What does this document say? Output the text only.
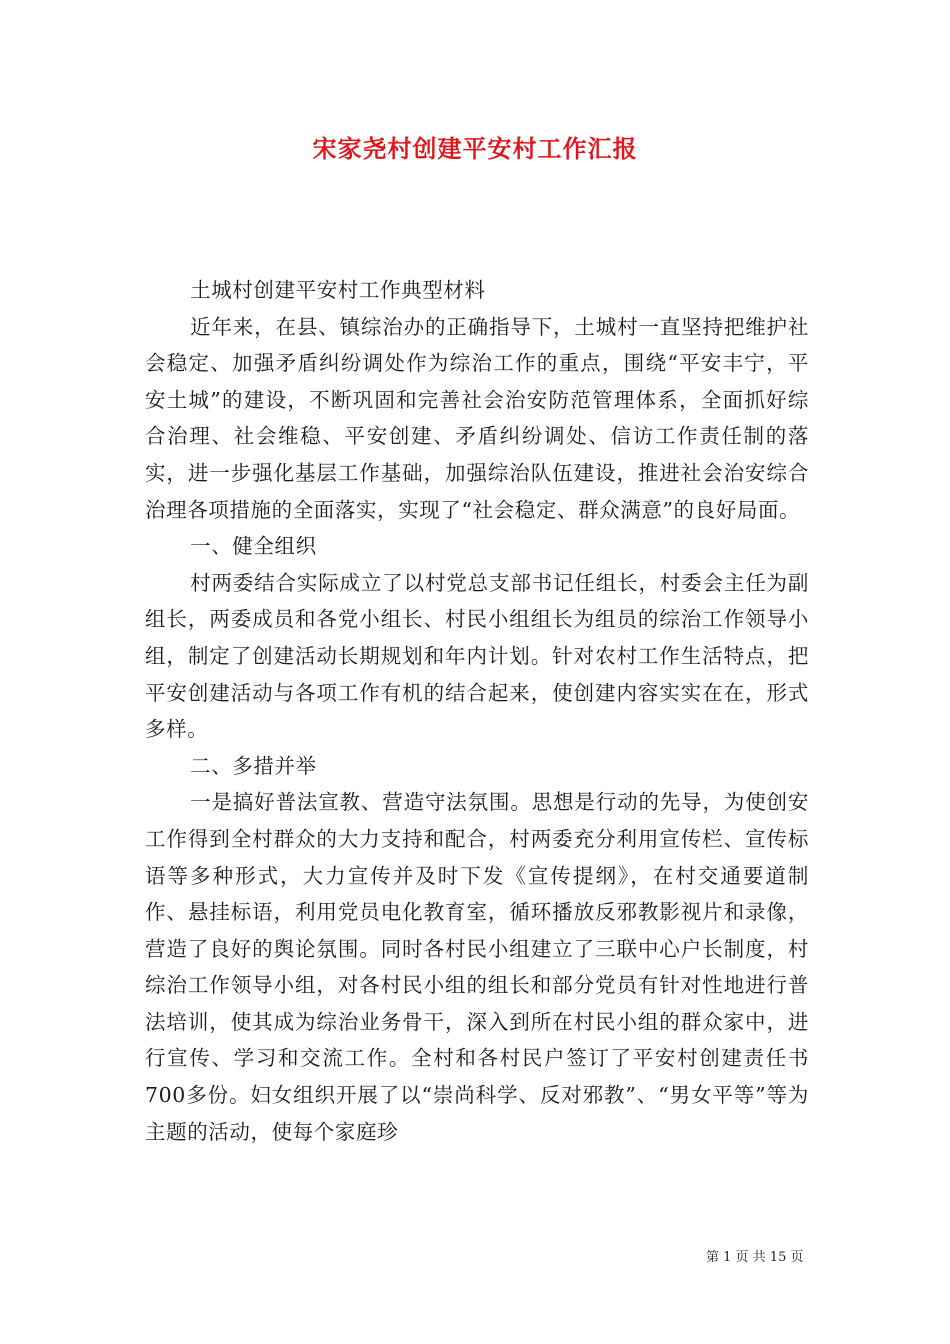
宋家尧村创建平安村工作汇报

土城村创建平安村工作典型材料

近年来，在县、镇综治办的正确指导下，土城村一直坚持把维护社会稳定、加强矛盾纠纷调处作为综治工作的重点，围绕“平安丰宁，平安土城”的建设，不断巩固和完善社会治安防范管理体系，全面抓好综合治理、社会维稳、平安创建、矛盾纠纷调处、信访工作责任制的落实，进一步强化基层工作基础，加强综治队伍建设，推进社会治安综合治理各项措施的全面落实，实现了“社会稳定、群众满意”的良好局面。

一、健全组织

村两委结合实际成立了以村党总支部书记任组长，村委会主任为副组长，两委成员和各党小组长、村民小组组长为组员的综治工作领导小组，制定了创建活动长期规划和年内计划。针对农村工作生活特点，把平安创建活动与各项工作有机的结合起来，使创建内容实实在在，形式多样。

二、多措并举

一是搞好普法宣教、营造守法氛围。思想是行动的先导，为使创安工作得到全村群众的大力支持和配合，村两委充分利用宣传栏、宣传标语等多种形式，大力宣传并及时下发《宣传提纲》，在村交通要道制作、悬挂标语，利用党员电化教育室，循环播放反邪教影视片和录像，营造了良好的舆论氛围。同时各村民小组建立了三联中心户长制度，村综治工作领导小组，对各村民小组的组长和部分党员有针对性地进行普法培训，使其成为综治业务骨干，深入到所在村民小组的群众家中，进行宣传、学习和交流工作。全村和各村民户签订了平安村创建责任书700多份。妇女组织开展了以“崇尚科学、反对邪教”、“男女平等”等为主题的活动，使每个家庭珍

第 1 页 共 15 页
